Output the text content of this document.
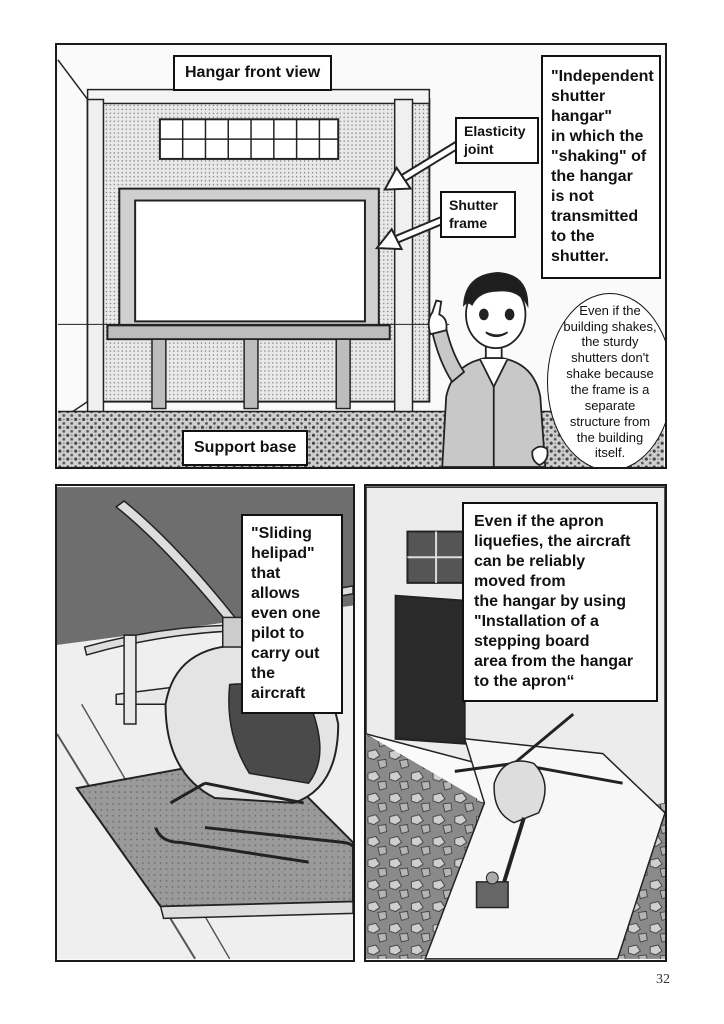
Hangar front view	"Independent
shutter
hangar"
in which the
"shaking" of
the hangar
is not
transmitted
to the shutter.
Elasticity
joint
Shutter
frame
Support base
Even if the building shakes, the sturdy shutters don't shake because the frame is a separate structure from the building itself.
"Sliding
helipad"
that allows
even one
pilot to
carry out
the aircraft
Even if the apron
liquefies, the aircraft
can be reliably
moved from
the hangar by using
"Installation of a
stepping board
area from the hangar
to the apron“
32
